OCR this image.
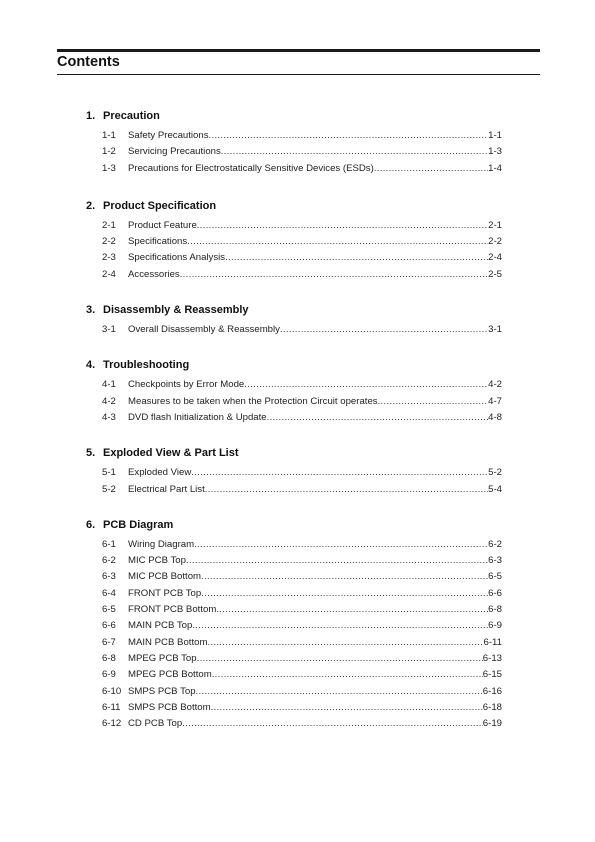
Contents
1. Precaution
1-1	Safety Precautions .....	1-1
1-2	Servicing Precautions .....	1-3
1-3	Precautions for Electrostatically Sensitive Devices (ESDs) .....	1-4
2. Product Specification
2-1	Product Feature .....	2-1
2-2	Specifications .....	2-2
2-3	Specifications Analysis .....	2-4
2-4	Accessories .....	2-5
3. Disassembly & Reassembly
3-1	Overall Disassembly & Reassembly .....	3-1
4. Troubleshooting
4-1	Checkpoints by Error Mode .....	4-2
4-2	Measures to be taken when the Protection Circuit operates .....	4-7
4-3	DVD flash Initialization & Update .....	4-8
5. Exploded View & Part List
5-1	Exploded View .....	5-2
5-2	Electrical Part List .....	5-4
6. PCB Diagram
6-1	Wiring Diagram .....	6-2
6-2	MIC PCB Top .....	6-3
6-3	MIC PCB Bottom .....	6-5
6-4	FRONT PCB Top .....	6-6
6-5	FRONT PCB Bottom .....	6-8
6-6	MAIN PCB Top .....	6-9
6-7	MAIN PCB Bottom .....	6-11
6-8	MPEG PCB Top .....	6-13
6-9	MPEG PCB Bottom .....	6-15
6-10 SMPS PCB Top .....	6-16
6-11 SMPS PCB Bottom .....	6-18
6-12 CD PCB Top .....	6-19
